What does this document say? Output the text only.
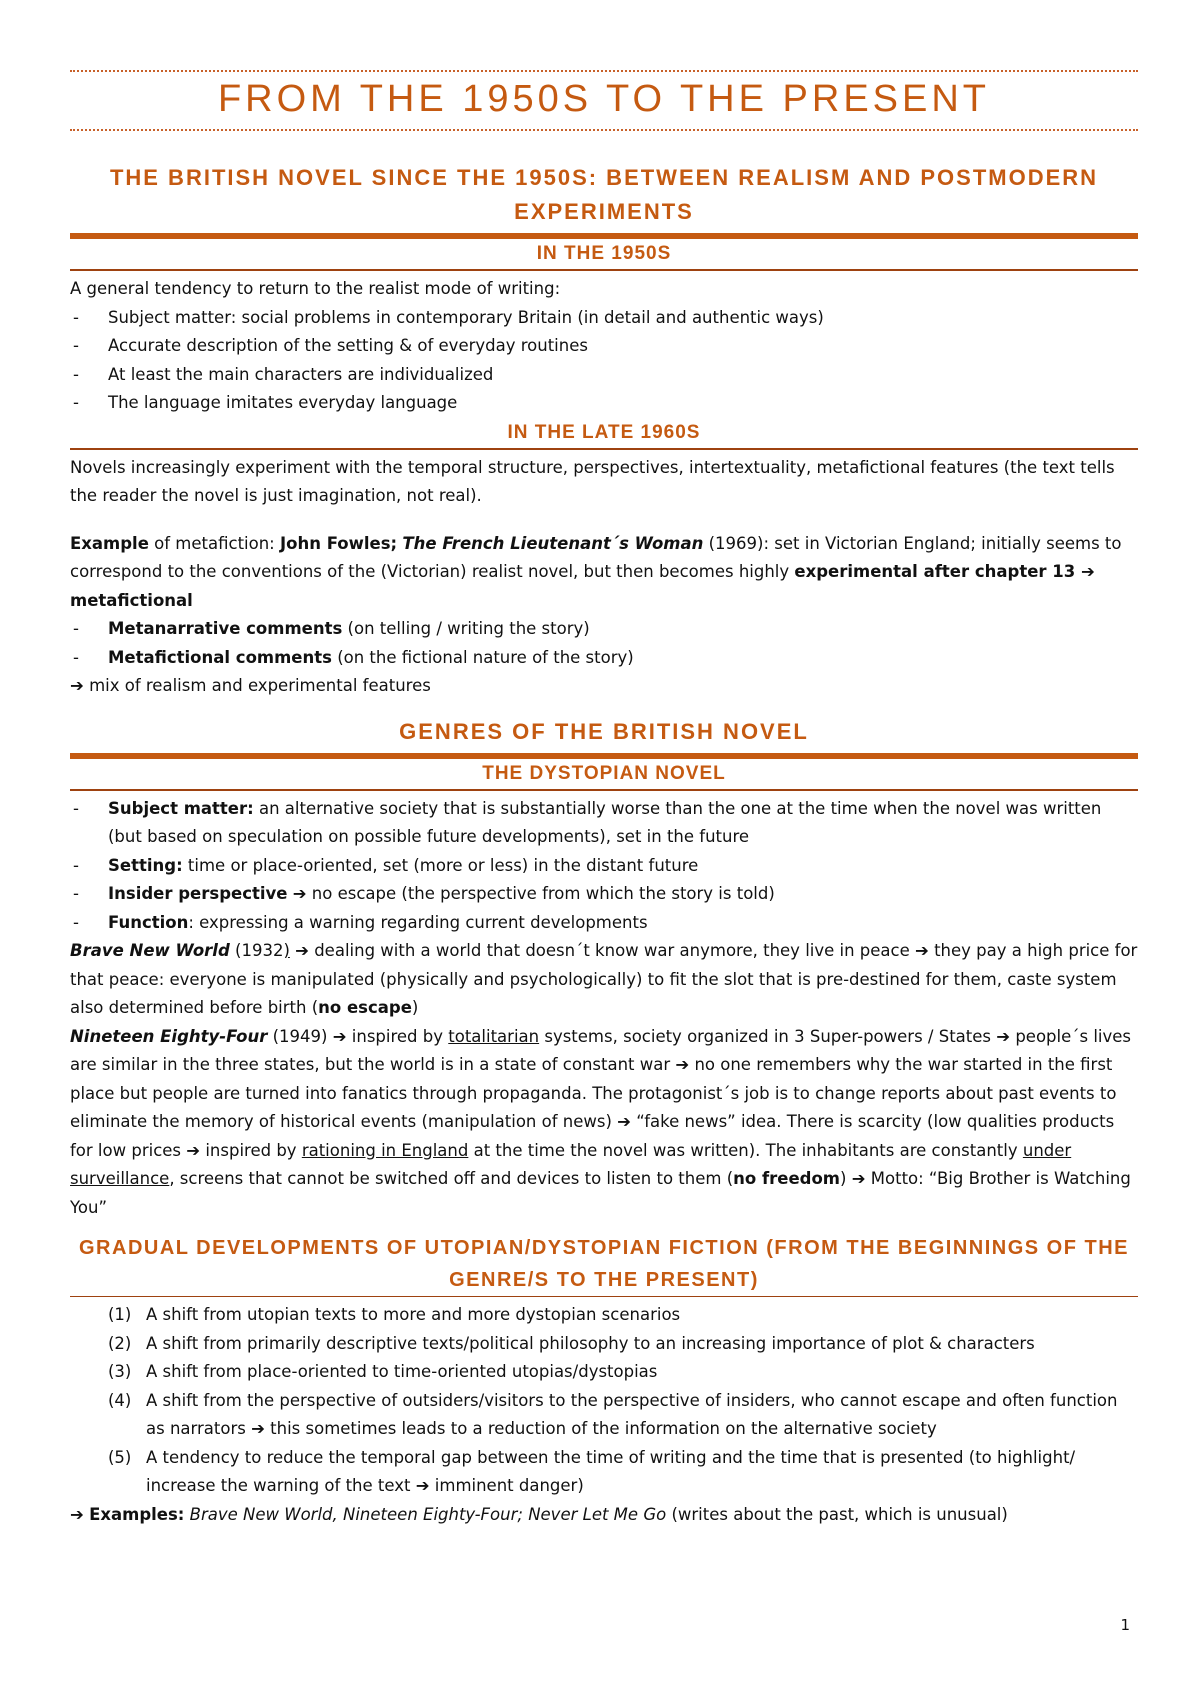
FROM THE 1950S TO THE PRESENT
THE BRITISH NOVEL SINCE THE 1950S: BETWEEN REALISM AND POSTMODERN EXPERIMENTS
IN THE 1950S

A general tendency to return to the realist mode of writing:

- Subject matter: social problems in contemporary Britain (in detail and authentic ways)
- Accurate description of the setting & of everyday routines
- At least the main characters are individualized
- The language imitates everyday language
IN THE LATE 1960S

Novels increasingly experiment with the temporal structure, perspectives, intertextuality, metafictional features (the text tells the reader the novel is just imagination, not real).

Example of metafiction: John Fowles; The French Lieutenant´s Woman (1969): set in Victorian England; initially seems to correspond to the conventions of the (Victorian) realist novel, but then becomes highly experimental after chapter 13 ➔ metafictional

- Metanarrative comments (on telling / writing the story)
- Metafictional comments (on the fictional nature of the story)

➔ mix of realism and experimental features

GENRES OF THE BRITISH NOVEL
THE DYSTOPIAN NOVEL
- Subject matter: an alternative society that is substantially worse than the one at the time when the novel was written (but based on speculation on possible future developments), set in the future
- Setting: time or place-oriented, set (more or less) in the distant future
- Insider perspective ➔ no escape (the perspective from which the story is told)
- Function: expressing a warning regarding current developments

Brave New World (1932) ➔ dealing with a world that doesn´t know war anymore, they live in peace ➔ they pay a high price for that peace: everyone is manipulated (physically and psychologically) to fit the slot that is pre-destined for them, caste system also determined before birth (no escape)

Nineteen Eighty-Four (1949) ➔ inspired by totalitarian systems, society organized in 3 Super-powers / States ➔ people´s lives are similar in the three states, but the world is in a state of constant war ➔ no one remembers why the war started in the first place but people are turned into fanatics through propaganda. The protagonist´s job is to change reports about past events to eliminate the memory of historical events (manipulation of news) ➔ “fake news” idea. There is scarcity (low qualities products for low prices ➔ inspired by rationing in England at the time the novel was written). The inhabitants are constantly under surveillance, screens that cannot be switched off and devices to listen to them (no freedom) ➔ Motto: “Big Brother is Watching You”

GRADUAL DEVELOPMENTS OF UTOPIAN/DYSTOPIAN FICTION (FROM THE BEGINNINGS OF THE GENRE/S TO THE PRESENT)
(1) A shift from utopian texts to more and more dystopian scenarios
(2) A shift from primarily descriptive texts/political philosophy to an increasing importance of plot & characters
(3) A shift from place-oriented to time-oriented utopias/dystopias
(4) A shift from the perspective of outsiders/visitors to the perspective of insiders, who cannot escape and often function as narrators ➔ this sometimes leads to a reduction of the information on the alternative society
(5) A tendency to reduce the temporal gap between the time of writing and the time that is presented (to highlight/ increase the warning of the text ➔ imminent danger)

➔ Examples: Brave New World, Nineteen Eighty-Four; Never Let Me Go (writes about the past, which is unusual)

1
